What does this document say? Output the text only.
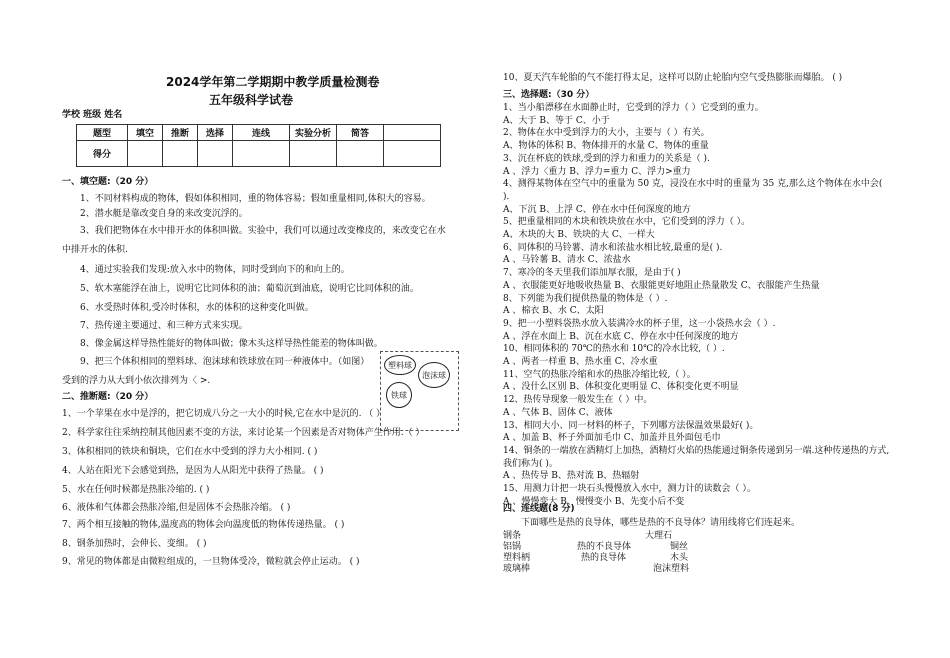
2024学年第二学期期中教学质量检测卷
五年级科学试卷
学校 班级 姓名
题型	填空	推断	选择	连线	实验分析	简答	
得分							
一、填空题:（20 分）
1、不同材料构成的物体，假如体积相同，重的物体容易；假如重量相同,体积大的容易。
2、潜水艇是靠改变自身的来改变沉浮的。
3、我们把物体在水中排开水的体积叫做。实验中，我们可以通过改变橡皮的，来改变它在水
中排开水的体积.
4、通过实验我们发现:放入水中的物体，同时受到向下的和向上的。
5、软木塞能浮在油上，说明它比同体积的油；葡萄沉到油底，说明它比同体积的油。
6、水受热时体积,受冷时体积，水的体积的这种变化叫做。
7、热传递主要通过、和三种方式来实现。
8、像金属这样导热性能好的物体叫做；像木头这样导热性能差的物体叫做。
9、把三个体积相同的塑料球、泡沫球和铁球放在同一种液体中。（如图）
受到的浮力从大到小依次排列为〈 >.
塑料球
泡沫球
铁球
二、推断题:（20 分）
1、一个苹果在水中是浮的，把它切成八分之一大小的时候,它在水中是沉的. （ ）
2、科学家往往采纳控制其他因素不变的方法，来讨论某一个因素是否对物体产生作用.（ ）
3、体积相同的铁块和铜块，它们在水中受到的浮力大小相同. ( )
4、人站在阳光下会感觉到热，是因为人从阳光中获得了热量。 ( )
5、水在任何时候都是热胀冷缩的. ( )
6、液体和气体都会热胀冷缩,但是固体不会热胀冷缩。 ( )
7、两个相互接触的物体,温度高的物体会向温度低的物体传递热量。 ( )
8、钢条加热时，会伸长、变细。 ( )
9、常见的物体都是由微粒组成的，一旦物体受冷，微粒就会停止运动。 ( )
10、夏天汽车轮胎的气不能打得太足，这样可以防止轮胎内空气受热膨胀而爆胎。 ( )
三、选择题:（30 分）
1、当小船漂移在水面静止时，它受到的浮力（ ）它受到的重力。
A、大于 B、等于 C、小于
2、物体在水中受到浮力的大小，主要与（ ）有关。
A、物体的体积 B、物体排开的水量 C、物体的重量
3、沉在杯底的铁球,受到的浮力和重力的关系是（ ).
A 、浮力〈重力 B、浮力=重力 C、浮力>重力
4、测得某物体在空气中的重量为 50 克，浸没在水中时的重量为 35 克,那么这个物体在水中会(
)．
A、下沉 B、上浮 C、停在水中任何深度的地方
5、把重量相同的木块和铁块放在水中，它们受到的浮力（ ）。
A、木块的大 B、铁块的大 C、一样大
6、同体积的马铃薯、清水和浓盐水相比较,最重的是( ).
A 、马铃薯 B、清水 C、浓盐水
7、寒冷的冬天里我们添加厚衣服，是由于( )
A 、衣服能更好地吸收热量 B、衣服能更好地阻止热量散发 C、衣服能产生热量
8、下列能为我们提供热量的物体是（ ）.
A 、棉衣 B、水 C、太阳
9、把一小塑料袋热水放入装满冷水的杯子里，这一小袋热水会（ ）.
A 、浮在水面上 B、沉在水底 C、停在水中任何深度的地方
10、相同体积的 70℃的热水和 10℃的冷水比较,（ ）.
A 、两者一样重 B、热水重 C、冷水重
11、空气的热胀冷缩和水的热胀冷缩比较,（ ）。
A 、没什么区别 B、体积变化更明显 C、体积变化更不明显
12、热传导现象一般发生在（ ）中。
A 、气体 B、固体 C、液体
13、相同大小、同一材料的杯子，下列哪方法保温效果最好( )。
A 、加盖 B、杯子外面加毛巾 C、加盖并且外面包毛巾
14、铜条的一端放在酒精灯上加热，酒精灯火焰的热能通过铜条传递到另一端.这种传递热的方式,
我们称为( )。
A 、热传导 B、热对流 B、热辐射
15、用测力计把一块石头慢慢放入水中，测力计的读数会（ ）。
A 、慢慢变大 B、慢慢变小 B、先变小后不变
四、连线题(8 分)
下面哪些是热的良导体，哪些是热的不良导体？请用线将它们连起来。
钢条
铝锅
塑料柄
玻璃棒
热的不良导体
热的良导体
大理石
铜丝
木头
泡沫塑料
